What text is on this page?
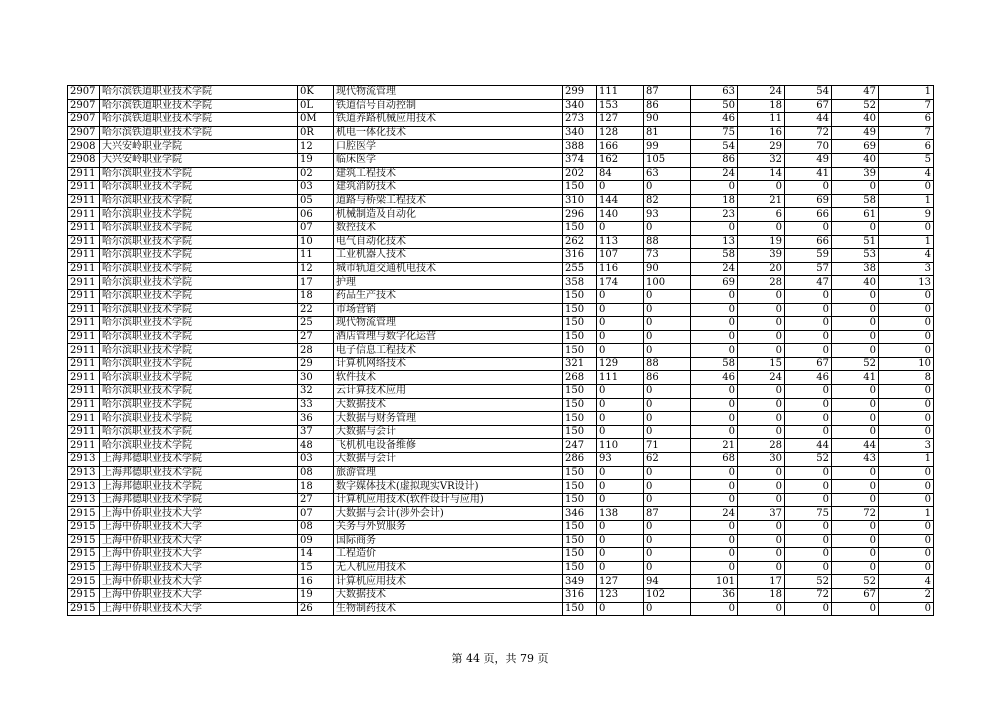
2907	哈尔滨铁道职业技术学院	0K	现代物流管理	299	111	87	63	24	54	47	1
2907	哈尔滨铁道职业技术学院	0L	铁道信号自动控制	340	153	86	50	18	67	52	7
2907	哈尔滨铁道职业技术学院	0M	铁道养路机械应用技术	273	127	90	46	11	44	40	6
2907	哈尔滨铁道职业技术学院	0R	机电一体化技术	340	128	81	75	16	72	49	7
2908	大兴安岭职业学院	12	口腔医学	388	166	99	54	29	70	69	6
2908	大兴安岭职业学院	19	临床医学	374	162	105	86	32	49	40	5
2911	哈尔滨职业技术学院	02	建筑工程技术	202	84	63	24	14	41	39	4
2911	哈尔滨职业技术学院	03	建筑消防技术	150	0	0	0	0	0	0	0
2911	哈尔滨职业技术学院	05	道路与桥梁工程技术	310	144	82	18	21	69	58	1
2911	哈尔滨职业技术学院	06	机械制造及自动化	296	140	93	23	6	66	61	9
2911	哈尔滨职业技术学院	07	数控技术	150	0	0	0	0	0	0	0
2911	哈尔滨职业技术学院	10	电气自动化技术	262	113	88	13	19	66	51	1
2911	哈尔滨职业技术学院	11	工业机器人技术	316	107	73	58	39	59	53	4
2911	哈尔滨职业技术学院	12	城市轨道交通机电技术	255	116	90	24	20	57	38	3
2911	哈尔滨职业技术学院	17	护理	358	174	100	69	28	47	40	13
2911	哈尔滨职业技术学院	18	药品生产技术	150	0	0	0	0	0	0	0
2911	哈尔滨职业技术学院	22	市场营销	150	0	0	0	0	0	0	0
2911	哈尔滨职业技术学院	25	现代物流管理	150	0	0	0	0	0	0	0
2911	哈尔滨职业技术学院	27	酒店管理与数字化运营	150	0	0	0	0	0	0	0
2911	哈尔滨职业技术学院	28	电子信息工程技术	150	0	0	0	0	0	0	0
2911	哈尔滨职业技术学院	29	计算机网络技术	321	129	88	58	15	67	52	10
2911	哈尔滨职业技术学院	30	软件技术	268	111	86	46	24	46	41	8
2911	哈尔滨职业技术学院	32	云计算技术应用	150	0	0	0	0	0	0	0
2911	哈尔滨职业技术学院	33	大数据技术	150	0	0	0	0	0	0	0
2911	哈尔滨职业技术学院	36	大数据与财务管理	150	0	0	0	0	0	0	0
2911	哈尔滨职业技术学院	37	大数据与会计	150	0	0	0	0	0	0	0
2911	哈尔滨职业技术学院	48	飞机机电设备维修	247	110	71	21	28	44	44	3
2913	上海邦德职业技术学院	03	大数据与会计	286	93	62	68	30	52	43	1
2913	上海邦德职业技术学院	08	旅游管理	150	0	0	0	0	0	0	0
2913	上海邦德职业技术学院	18	数字媒体技术(虚拟现实VR设计)	150	0	0	0	0	0	0	0
2913	上海邦德职业技术学院	27	计算机应用技术(软件设计与应用)	150	0	0	0	0	0	0	0
2915	上海中侨职业技术大学	07	大数据与会计(涉外会计)	346	138	87	24	37	75	72	1
2915	上海中侨职业技术大学	08	关务与外贸服务	150	0	0	0	0	0	0	0
2915	上海中侨职业技术大学	09	国际商务	150	0	0	0	0	0	0	0
2915	上海中侨职业技术大学	14	工程造价	150	0	0	0	0	0	0	0
2915	上海中侨职业技术大学	15	无人机应用技术	150	0	0	0	0	0	0	0
2915	上海中侨职业技术大学	16	计算机应用技术	349	127	94	101	17	52	52	4
2915	上海中侨职业技术大学	19	大数据技术	316	123	102	36	18	72	67	2
2915	上海中侨职业技术大学	26	生物制药技术	150	0	0	0	0	0	0	0
第 44 页，共 79 页
